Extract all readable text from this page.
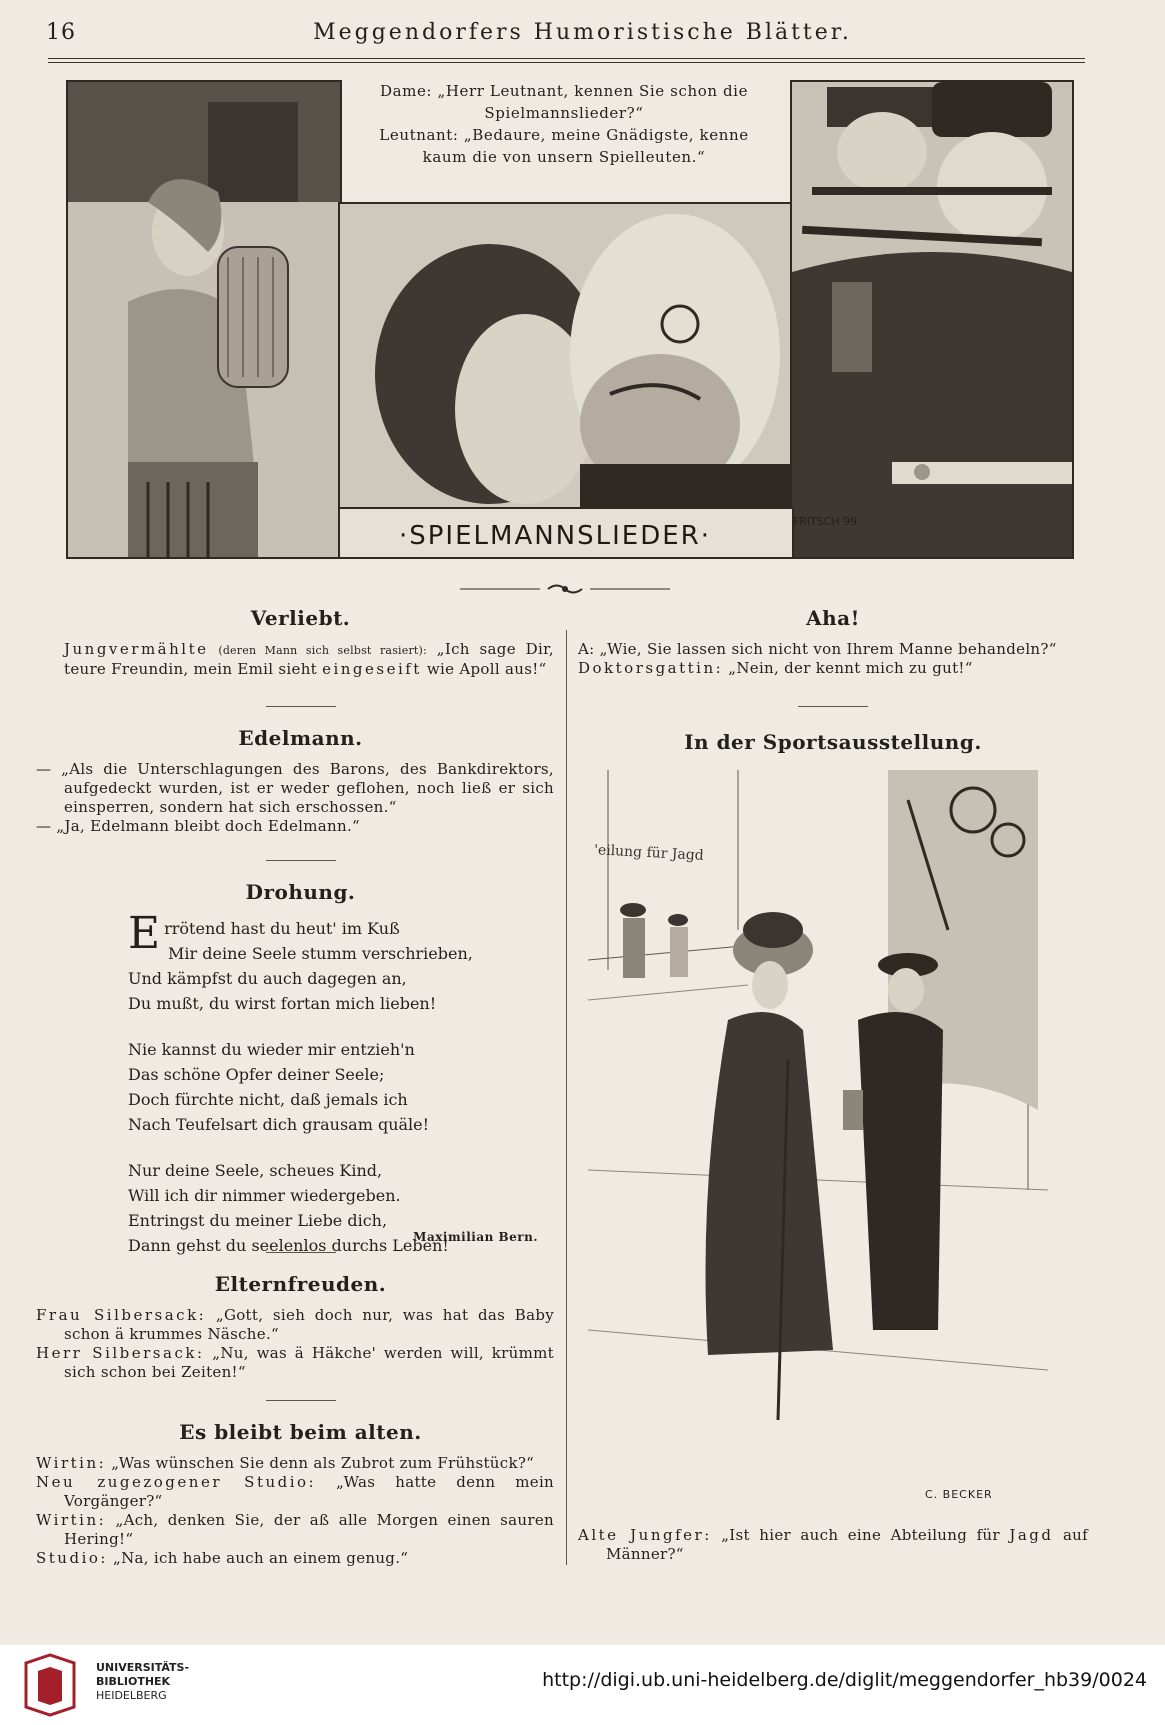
16	Meggendorfers Humoristische Blätter.
Dame: „Herr Leutnant, kennen Sie schon die
Spielmannslieder?“
Leutnant: „Bedaure, meine Gnädigste, kenne
kaum die von unsern Spielleuten.“
·SPIELMANNSLIEDER·	FRITSCH 99
Verliebt.

Jungvermählte (deren Mann sich selbst rasiert): „Ich sage Dir, teure Freundin, mein Emil sieht eingeseift wie Apoll aus!“

Edelmann.

— „Als die Unterschlagungen des Barons, des Bankdirektors, aufgedeckt wurden, ist er weder geflohen, noch ließ er sich einsperren, sondern hat sich erschossen.“

— „Ja, Edelmann bleibt doch Edelmann.“

Drohung.
E rrötend hast du heut' im Kuß
Mir deine Seele stumm verschrieben,
Und kämpfst du auch dagegen an,
Du mußt, du wirst fortan mich lieben!
Nie kannst du wieder mir entzieh'n
Das schöne Opfer deiner Seele;
Doch fürchte nicht, daß jemals ich
Nach Teufelsart dich grausam quäle!
Nur deine Seele, scheues Kind,
Will ich dir nimmer wiedergeben.
Entringst du meiner Liebe dich,
Dann gehst du seelenlos durchs Leben!
Maximilian Bern.
Elternfreuden.

Frau Silbersack: „Gott, sieh doch nur, was hat das Baby schon ä krummes Näsche.“

Herr Silbersack: „Nu, was ä Häkche' werden will, krümmt sich schon bei Zeiten!“

Es bleibt beim alten.

Wirtin: „Was wünschen Sie denn als Zubrot zum Frühstück?“

Neu zugezogener Studio: „Was hatte denn mein Vorgänger?“

Wirtin: „Ach, denken Sie, der aß alle Morgen einen sauren Hering!“

Studio: „Na, ich habe auch an einem genug.“

Aha!

A: „Wie, Sie lassen sich nicht von Ihrem Manne behandeln?“

Doktorsgattin: „Nein, der kennt mich zu gut!“

In der Sportsausstellung.
'eilung für Jagd
C. BECKER

Alte Jungfer: „Ist hier auch eine Abteilung für Jagd auf Männer?“

UNIVERSITÄTS-
BIBLIOTHEK
HEIDELBERG
http://digi.ub.uni-heidelberg.de/diglit/meggendorfer_hb39/0024
